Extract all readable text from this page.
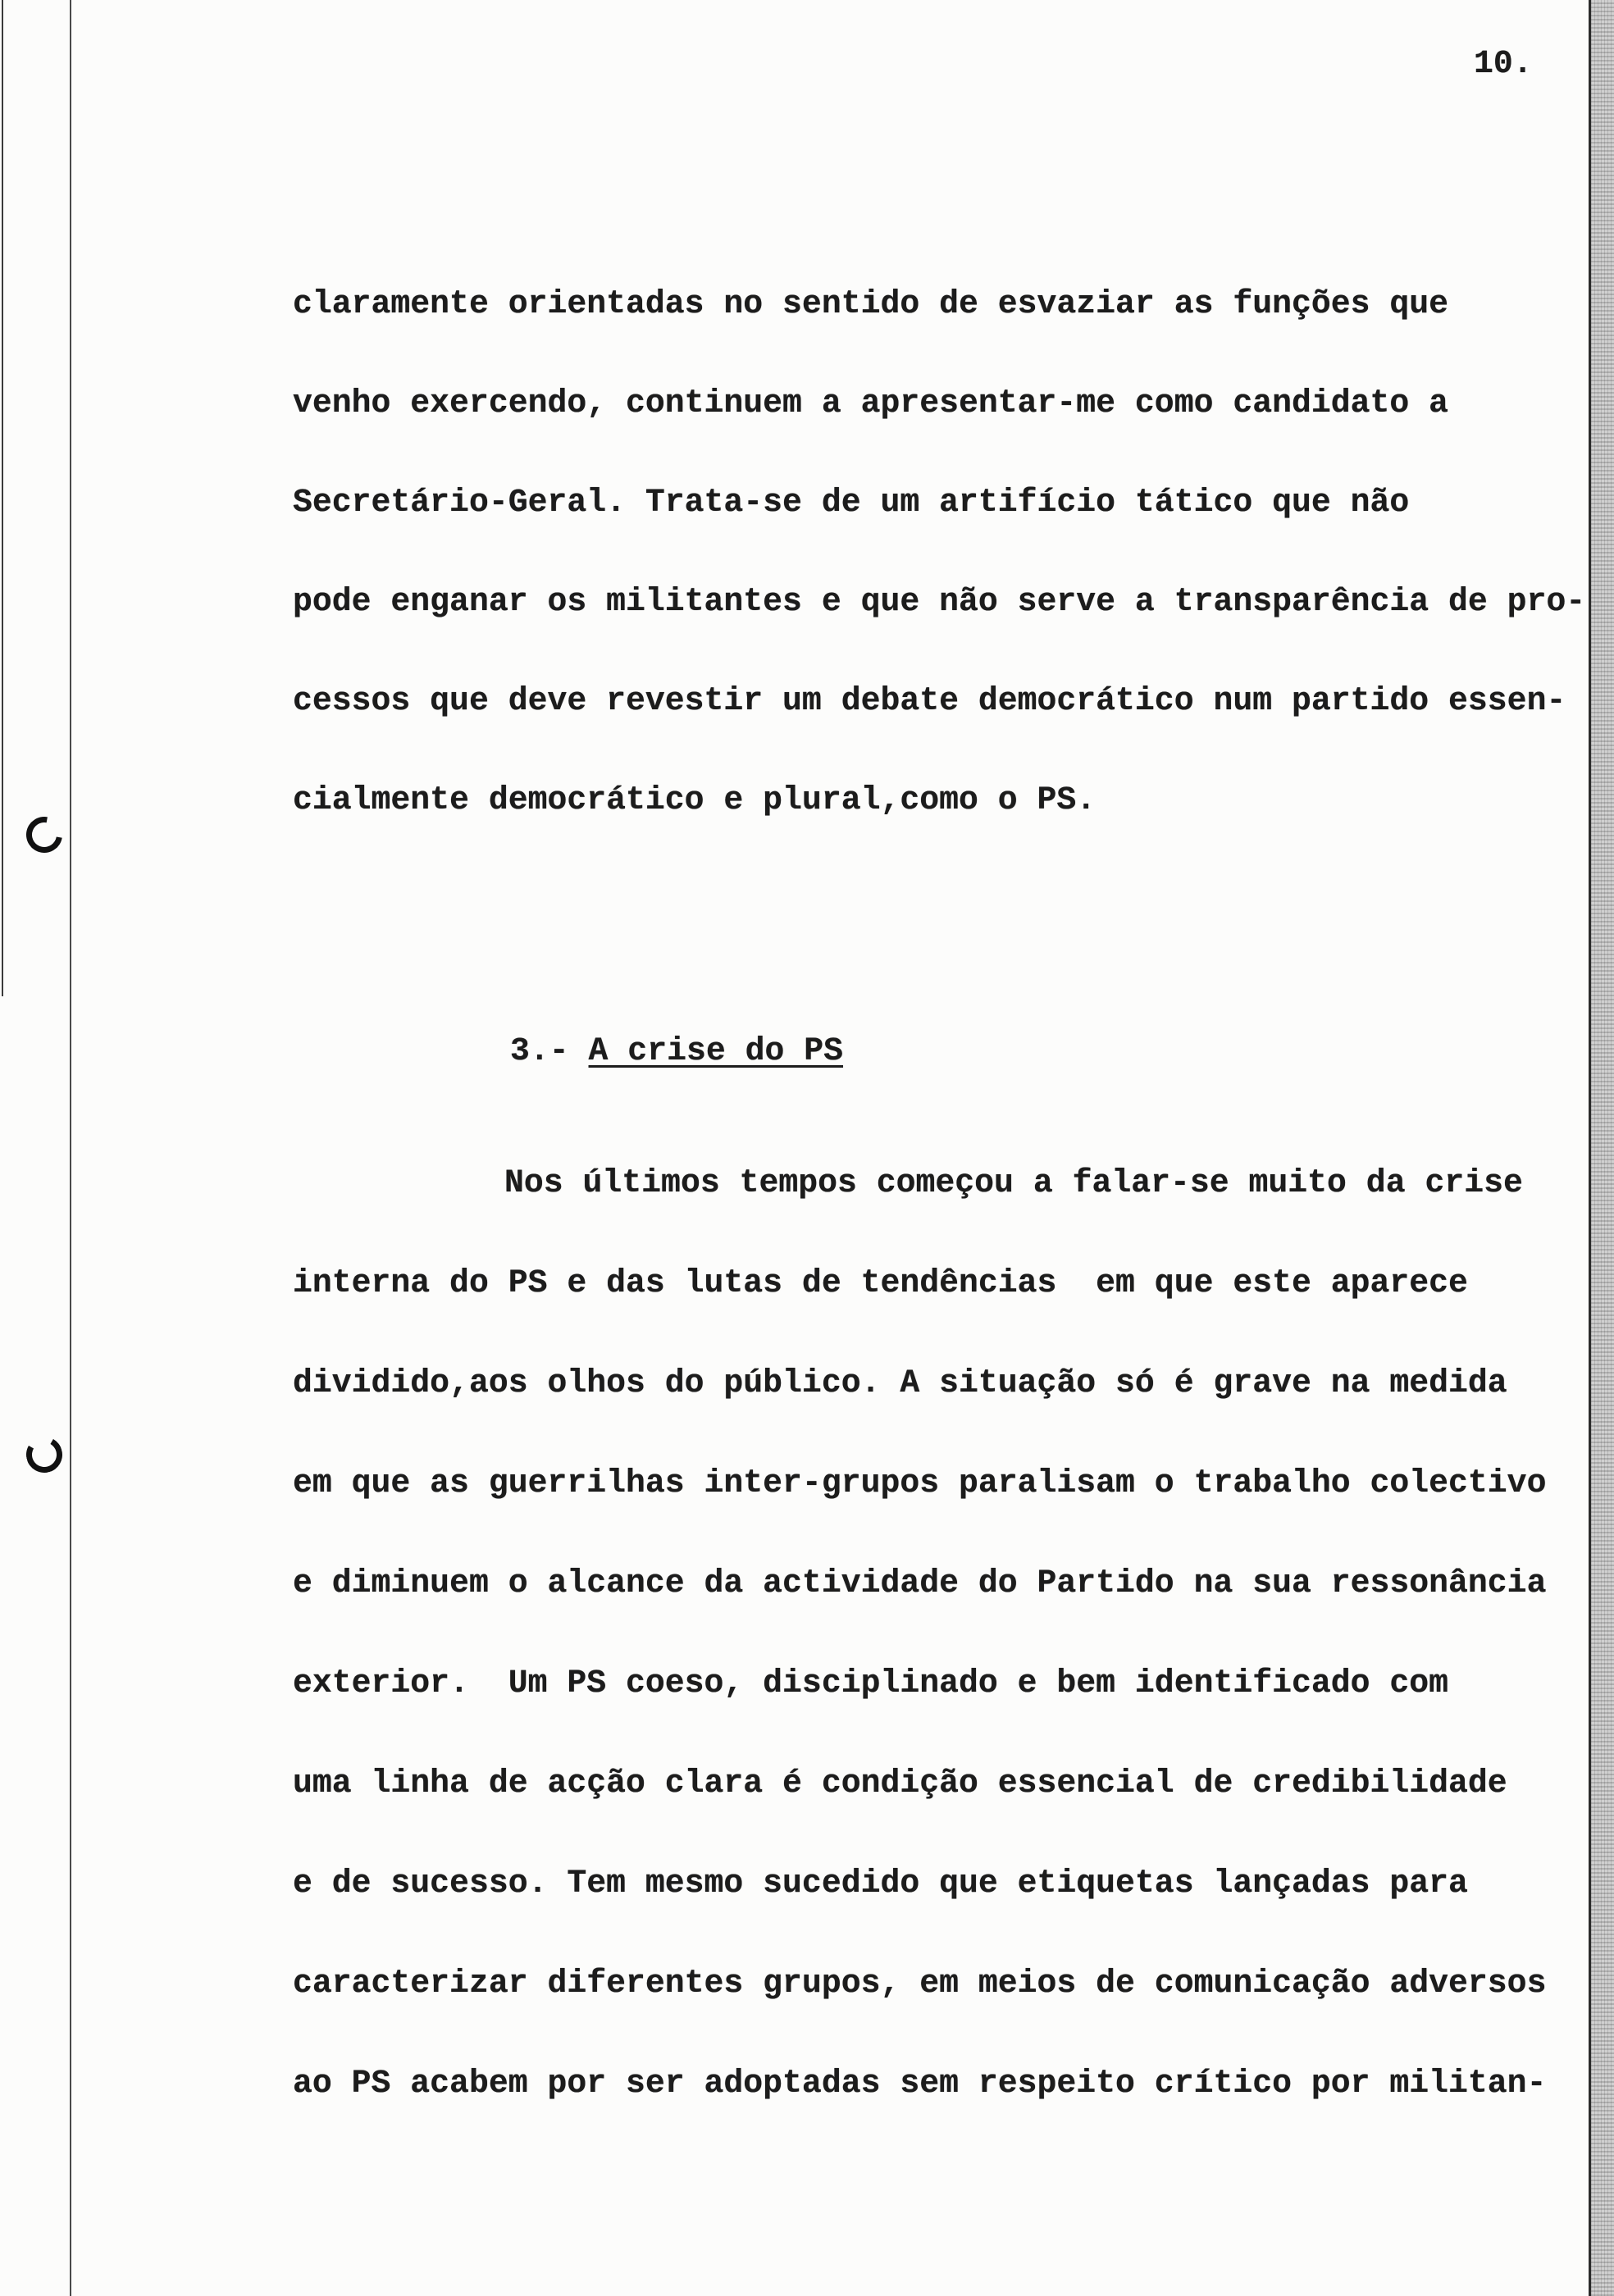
10.
claramente orientadas no sentido de esvaziar as funções que
venho exercendo, continuem a apresentar-me como candidato a
Secretário-Geral. Trata-se de um artifício tático que não
pode enganar os militantes e que não serve a transparência de pro-
cessos que deve revestir um debate democrático num partido essen-
cialmente democrático e plural,como o PS.
3.- A crise do PS
Nos últimos tempos começou a falar-se muito da crise
interna do PS e das lutas de tendências  em que este aparece
dividido,aos olhos do público. A situação só é grave na medida
em que as guerrilhas inter-grupos paralisam o trabalho colectivo
e diminuem o alcance da actividade do Partido na sua ressonância
exterior.  Um PS coeso, disciplinado e bem identificado com
uma linha de acção clara é condição essencial de credibilidade
e de sucesso. Tem mesmo sucedido que etiquetas lançadas para
caracterizar diferentes grupos, em meios de comunicação adversos
ao PS acabem por ser adoptadas sem respeito crítico por militan-
